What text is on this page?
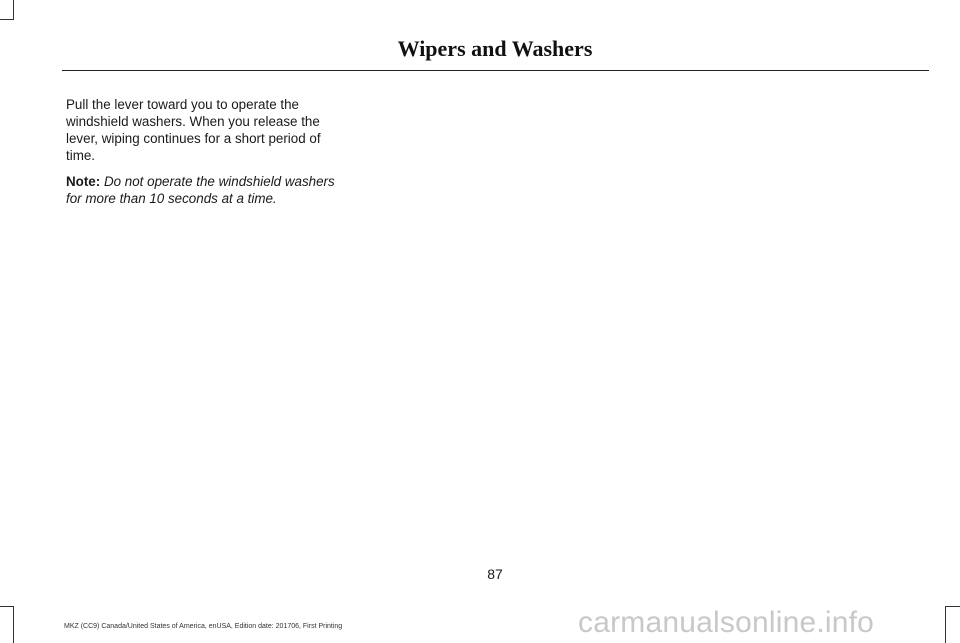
Wipers and Washers

Pull the lever toward you to operate the windshield washers. When you release the lever, wiping continues for a short period of time.

Note: Do not operate the windshield washers for more than 10 seconds at a time.

87
MKZ (CC9) Canada/United States of America, enUSA, Edition date: 201706, First Printing	carmanualsonline.info
